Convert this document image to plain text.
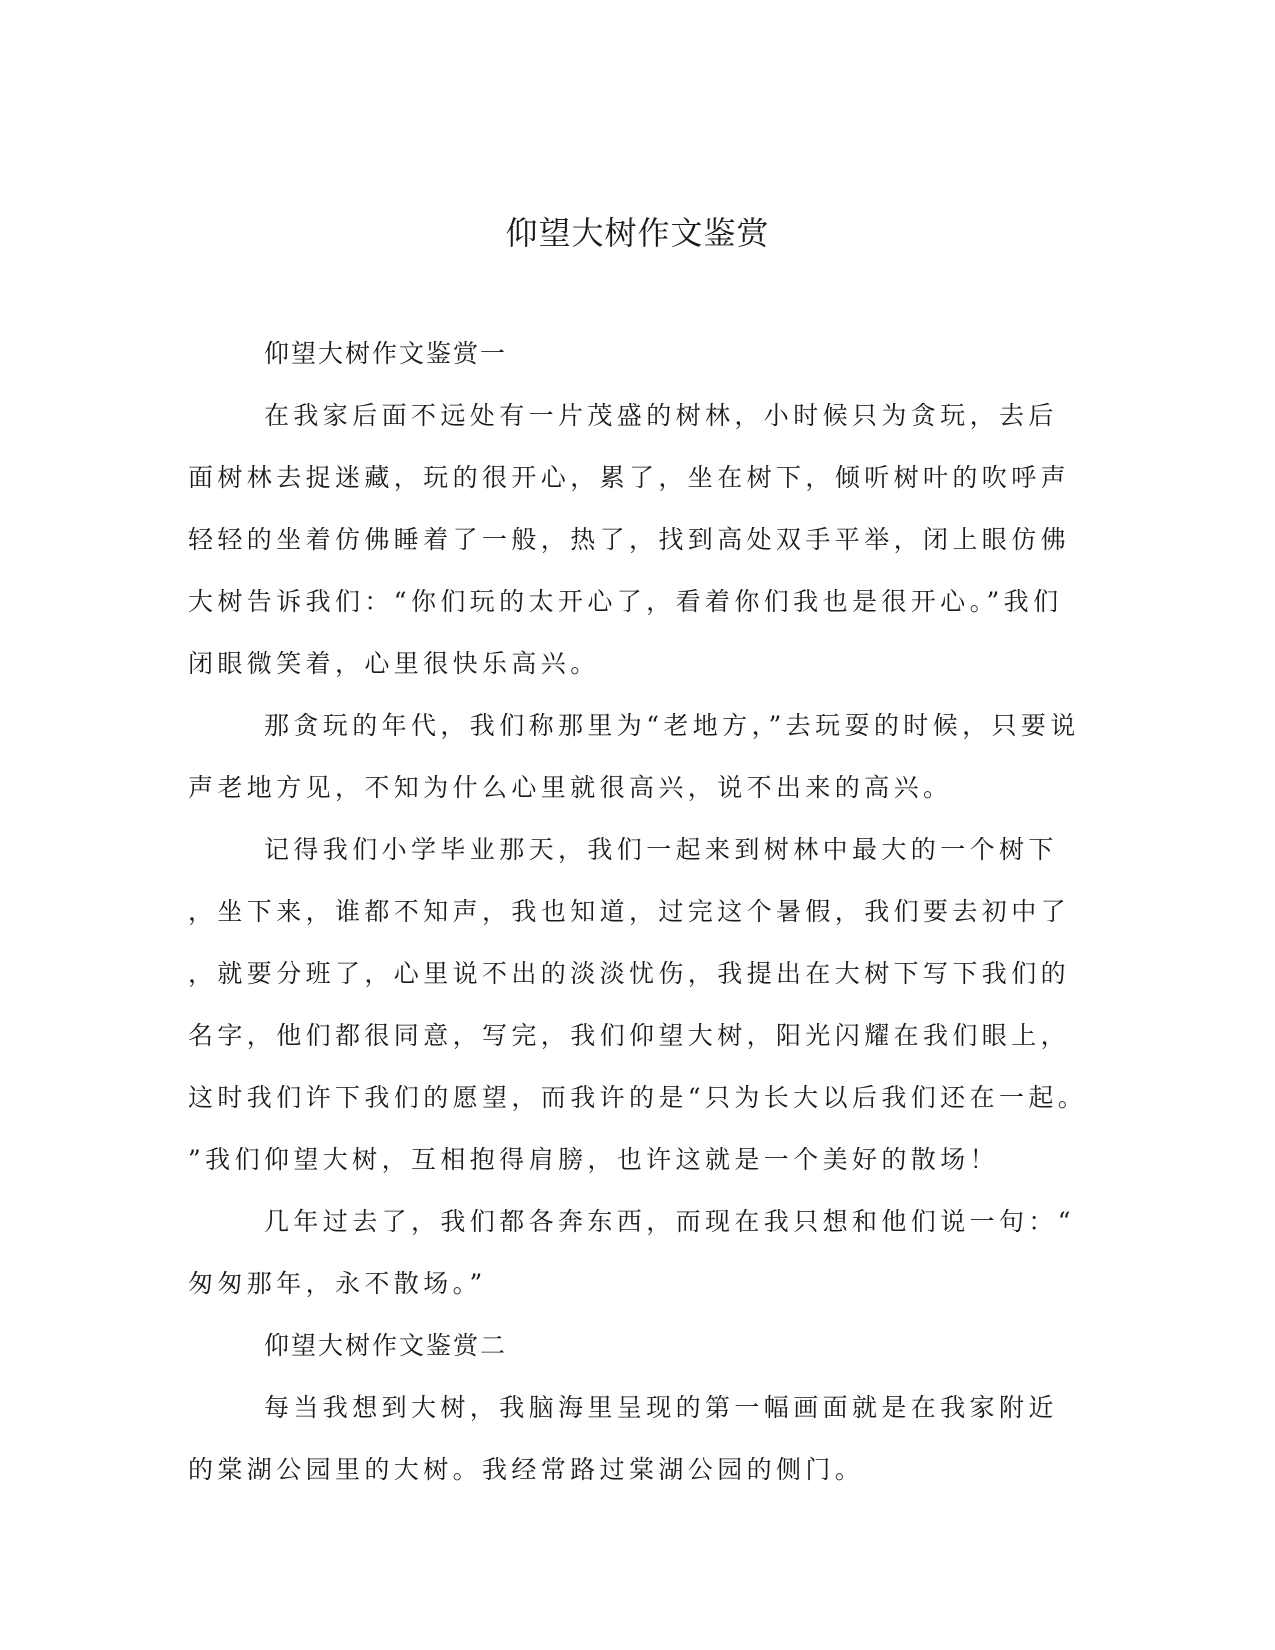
仰望大树作文鉴赏

仰望大树作文鉴赏一

在我家后面不远处有一片茂盛的树林，小时候只为贪玩，去后面树林去捉迷藏，玩的很开心，累了，坐在树下，倾听树叶的吹呼声轻轻的坐着仿佛睡着了一般，热了，找到高处双手平举，闭上眼仿佛大树告诉我们：“你们玩的太开心了，看着你们我也是很开心。”我们闭眼微笑着，心里很快乐高兴。

那贪玩的年代，我们称那里为“老地方，”去玩耍的时候，只要说声老地方见，不知为什么心里就很高兴，说不出来的高兴。

记得我们小学毕业那天，我们一起来到树林中最大的一个树下，坐下来，谁都不知声，我也知道，过完这个暑假，我们要去初中了，就要分班了，心里说不出的淡淡忧伤，我提出在大树下写下我们的名字，他们都很同意，写完，我们仰望大树，阳光闪耀在我们眼上，这时我们许下我们的愿望，而我许的是“只为长大以后我们还在一起。”我们仰望大树，互相抱得肩膀，也许这就是一个美好的散场！

几年过去了，我们都各奔东西，而现在我只想和他们说一句：“匆匆那年，永不散场。”

仰望大树作文鉴赏二

每当我想到大树，我脑海里呈现的第一幅画面就是在我家附近的棠湖公园里的大树。我经常路过棠湖公园的侧门。
